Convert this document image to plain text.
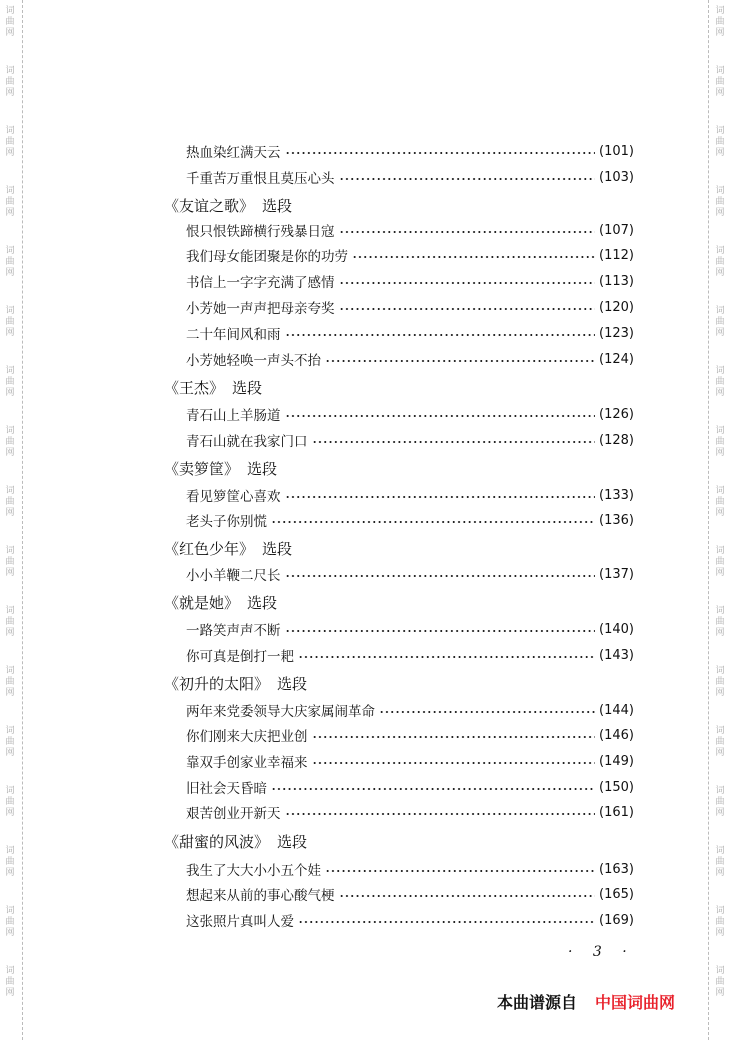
词
曲
网
词
曲
网
词
曲
网
词
曲
网
词
曲
网
词
曲
网
词
曲
网
词
曲
网
词
曲
网
词
曲
网
词
曲
网
词
曲
网
词
曲
网
词
曲
网
词
曲
网
词
曲
网
词
曲
网
词
曲
网
词
曲
网
词
曲
网
词
曲
网
词
曲
网
词
曲
网
词
曲
网
词
曲
网
词
曲
网
词
曲
网
词
曲
网
词
曲
网
词
曲
网
词
曲
网
词
曲
网
词
曲
网
词
曲
网
热血染红满天云	(101)
千重苦万重恨且莫压心头	(103)
《友谊之歌》 选段
恨只恨铁蹄横行残暴日寇	(107)
我们母女能团聚是你的功劳	(112)
书信上一字字充满了感情	(113)
小芳她一声声把母亲夸奖	(120)
二十年间风和雨	(123)
小芳她轻唤一声头不抬	(124)
《王杰》 选段
青石山上羊肠道	(126)
青石山就在我家门口	(128)
《卖箩筐》 选段
看见箩筐心喜欢	(133)
老头子你别慌	(136)
《红色少年》 选段
小小羊鞭二尺长	(137)
《就是她》 选段
一路笑声声不断	(140)
你可真是倒打一耙	(143)
《初升的太阳》 选段
两年来党委领导大庆家属闹革命	(144)
你们刚来大庆把业创	(146)
靠双手创家业幸福来	(149)
旧社会天昏暗	(150)
艰苦创业开新天	(161)
《甜蜜的风波》 选段
我生了大大小小五个娃	(163)
想起来从前的事心酸气梗	(165)
这张照片真叫人爱	(169)
· 3 ·
本曲谱源自 中国词曲网
